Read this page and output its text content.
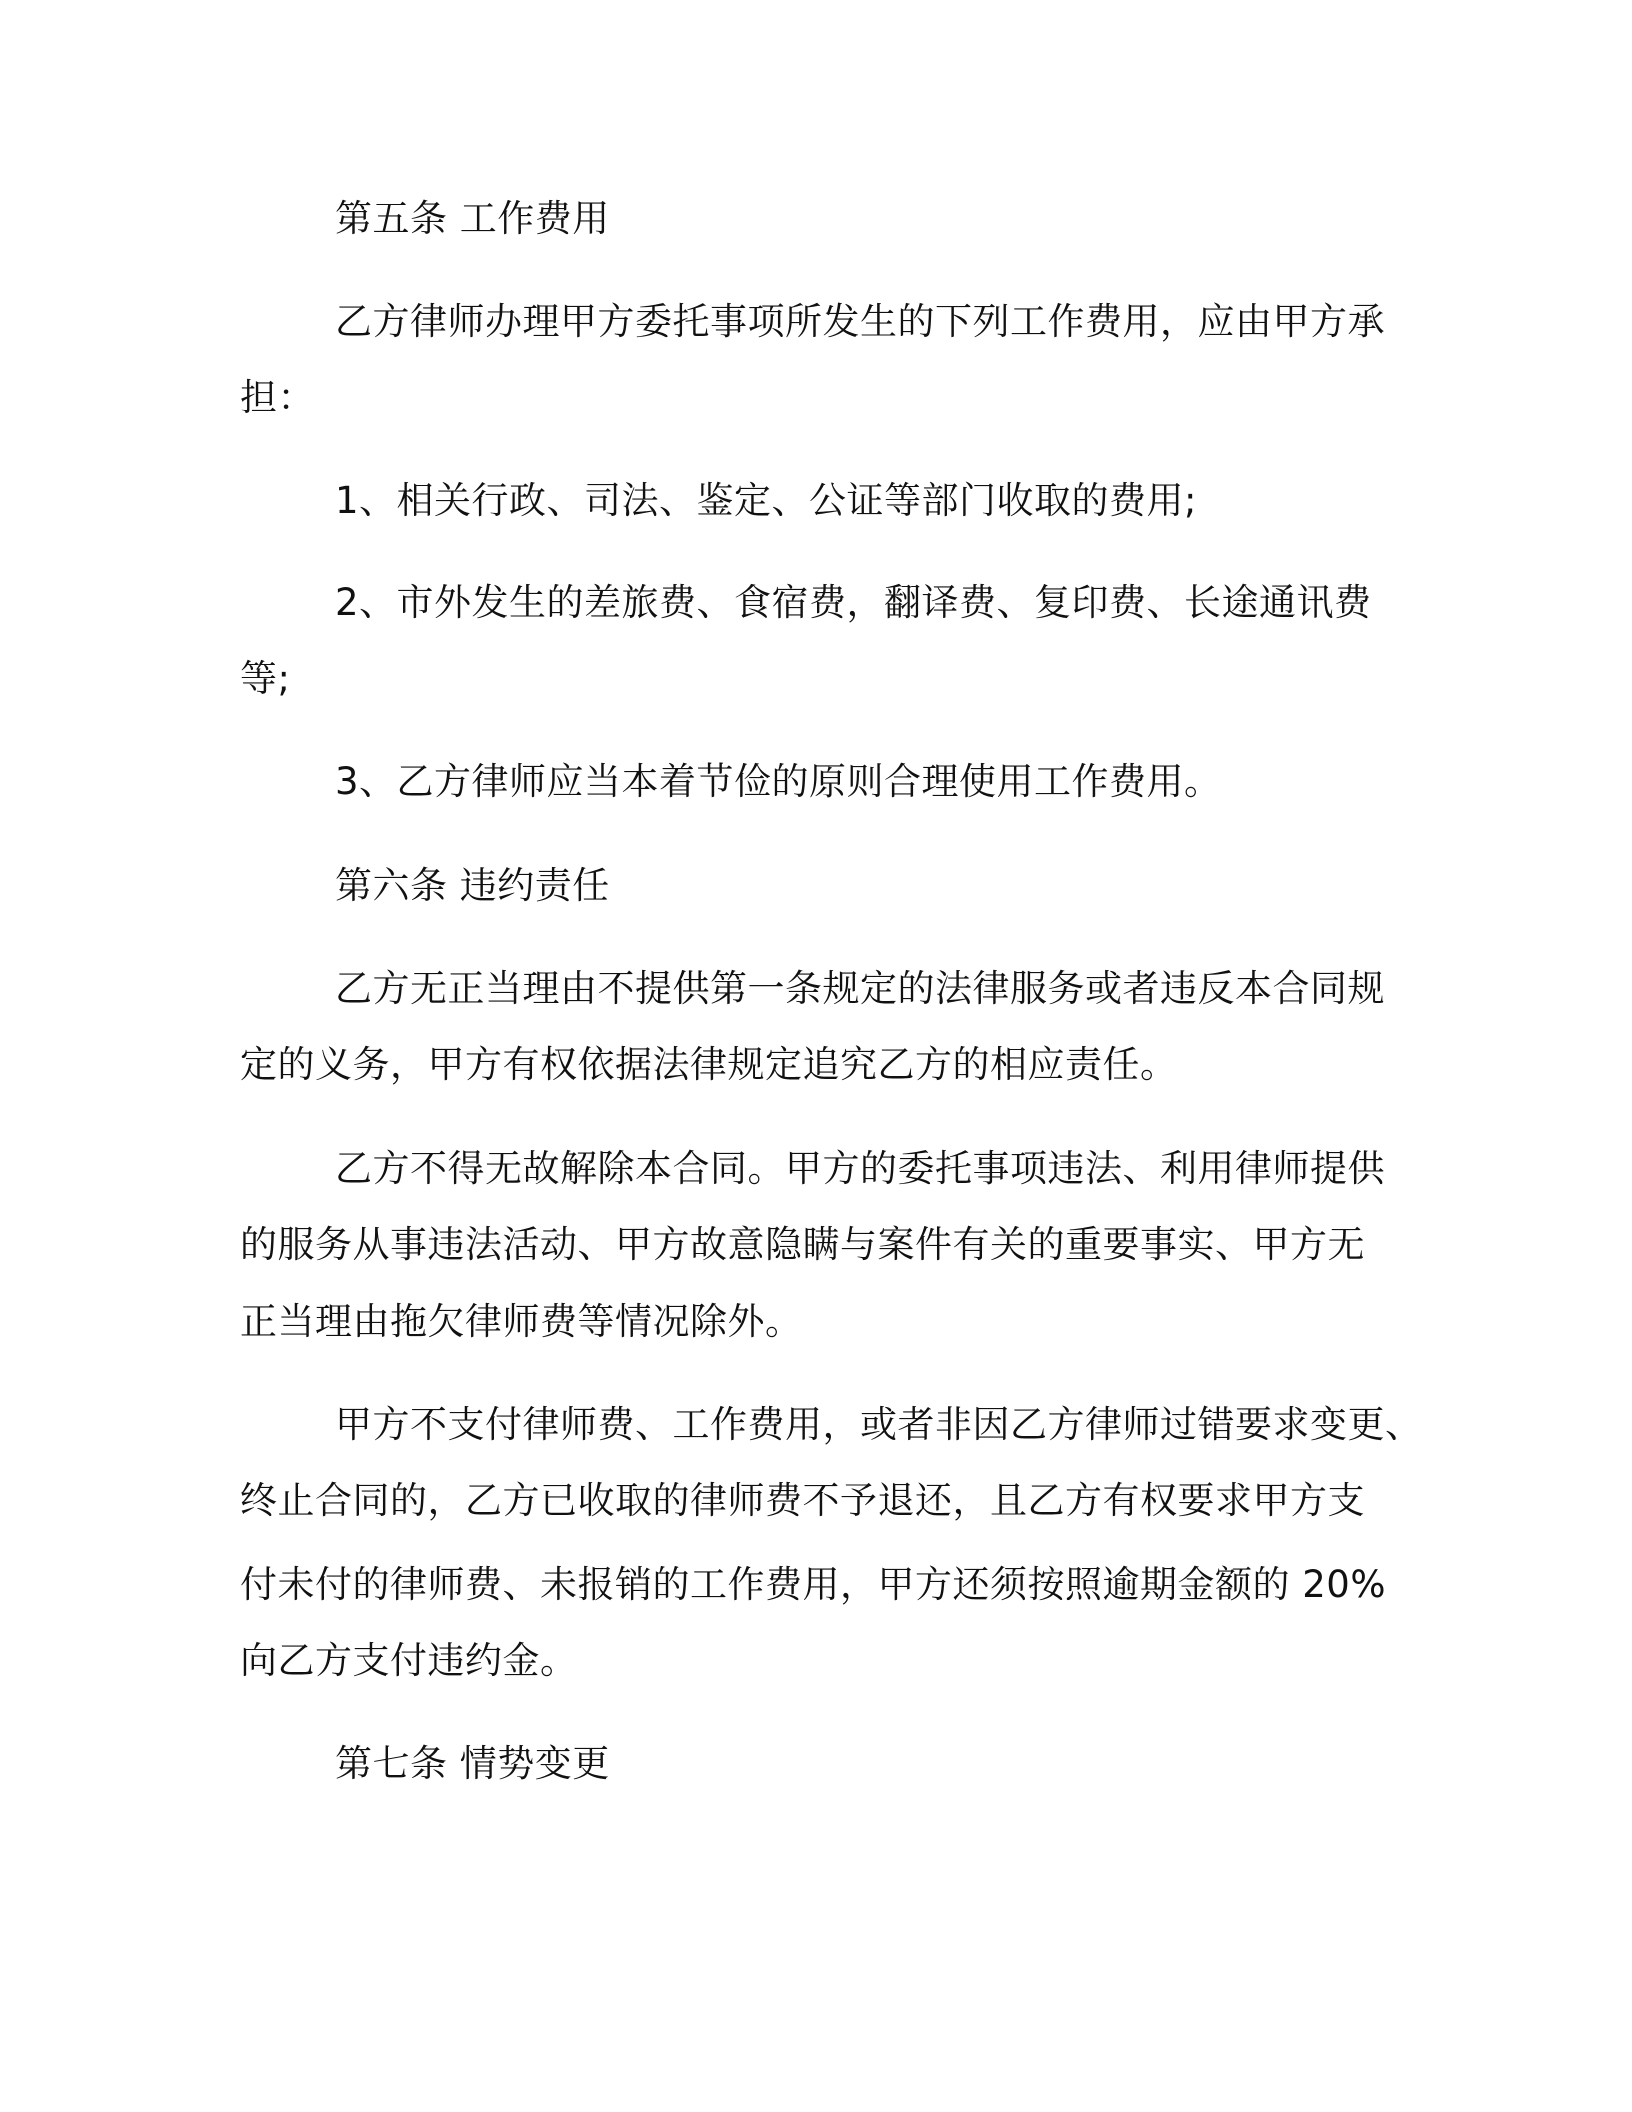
第五条 工作费用
乙方律师办理甲方委托事项所发生的下列工作费用，应由甲方承
担：
1、相关行政、司法、鉴定、公证等部门收取的费用;
2、市外发生的差旅费、食宿费，翻译费、复印费、长途通讯费
等;
3、乙方律师应当本着节俭的原则合理使用工作费用。
第六条 违约责任
乙方无正当理由不提供第一条规定的法律服务或者违反本合同规
定的义务，甲方有权依据法律规定追究乙方的相应责任。
乙方不得无故解除本合同。甲方的委托事项违法、利用律师提供
的服务从事违法活动、甲方故意隐瞒与案件有关的重要事实、甲方无
正当理由拖欠律师费等情况除外。
甲方不支付律师费、工作费用，或者非因乙方律师过错要求变更、
终止合同的，乙方已收取的律师费不予退还，且乙方有权要求甲方支
付未付的律师费、未报销的工作费用，甲方还须按照逾期金额的 20%
向乙方支付违约金。
第七条 情势变更
